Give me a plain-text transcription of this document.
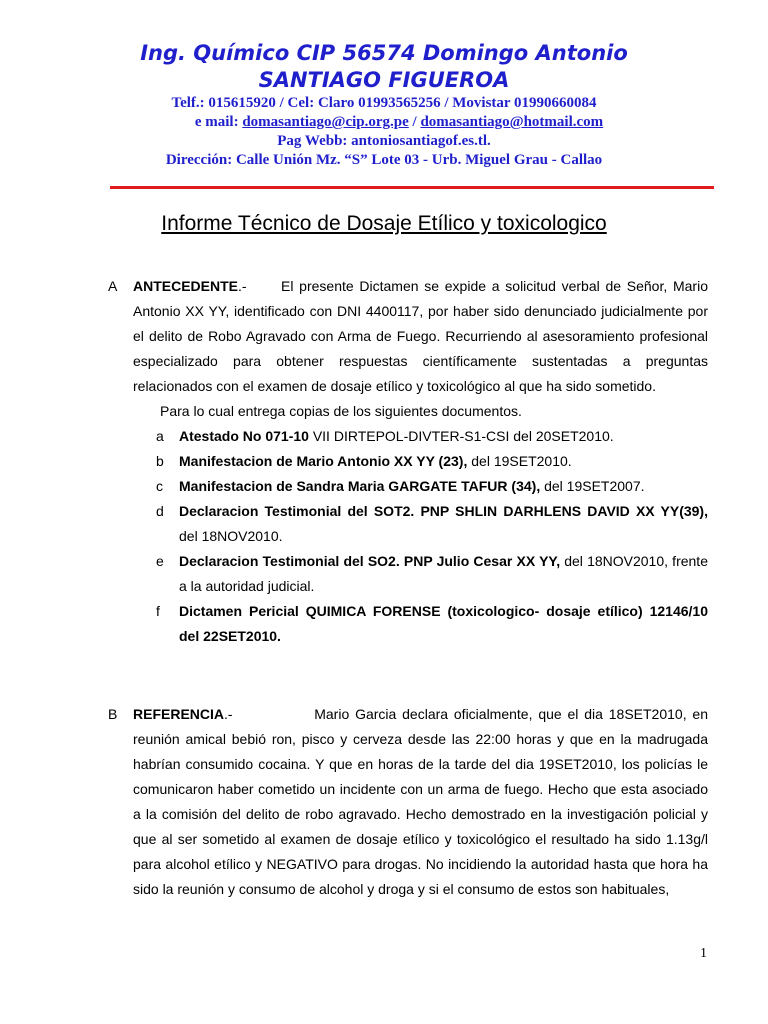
Ing. Químico CIP 56574 Domingo Antonio
SANTIAGO FIGUEROA
Telf.: 015615920 / Cel: Claro 01993565256 / Movistar 01990660084
e mail: domasantiago@cip.org.pe / domasantiago@hotmail.com
Pag Webb: antoniosantiagof.es.tl.
Dirección: Calle Unión Mz. “S” Lote 03 - Urb. Miguel Grau - Callao
Informe Técnico de Dosaje Etílico y toxicologico
A ANTECEDENTE.- El presente Dictamen se expide a solicitud verbal de Señor, Mario Antonio XX YY, identificado con DNI 4400117, por haber sido denunciado judicialmente por el delito de Robo Agravado con Arma de Fuego. Recurriendo al asesoramiento profesional especializado para obtener respuestas científicamente sustentadas a preguntas relacionados con el examen de dosaje etílico y toxicológico al que ha sido sometido.
Para lo cual entrega copias de los siguientes documentos.
a Atestado No 071-10 VII DIRTEPOL-DIVTER-S1-CSI del 20SET2010.
b Manifestacion de Mario Antonio XX YY (23), del 19SET2010.
c Manifestacion de Sandra Maria GARGATE TAFUR (34), del 19SET2007.
d Declaracion Testimonial del SOT2. PNP SHLIN DARHLENS DAVID XX YY(39), del 18NOV2010.
e Declaracion Testimonial del SO2. PNP Julio Cesar XX YY, del 18NOV2010, frente a la autoridad judicial.
f Dictamen Pericial QUIMICA FORENSE (toxicologico- dosaje etílico) 12146/10 del 22SET2010.
B REFERENCIA.-	Mario Garcia declara oficialmente, que el dia 18SET2010, en reunión amical bebió ron, pisco y cerveza desde las 22:00 horas y que en la madrugada habrían consumido cocaina. Y que en horas de la tarde del dia 19SET2010, los policías le comunicaron haber cometido un incidente con un arma de fuego. Hecho que esta asociado a la comisión del delito de robo agravado. Hecho demostrado en la investigación policial y que al ser sometido al examen de dosaje etílico y toxicológico el resultado ha sido 1.13g/l para alcohol etílico y NEGATIVO para drogas. No incidiendo la autoridad hasta que hora ha sido la reunión y consumo de alcohol y droga y si el consumo de estos son habituales,
1
